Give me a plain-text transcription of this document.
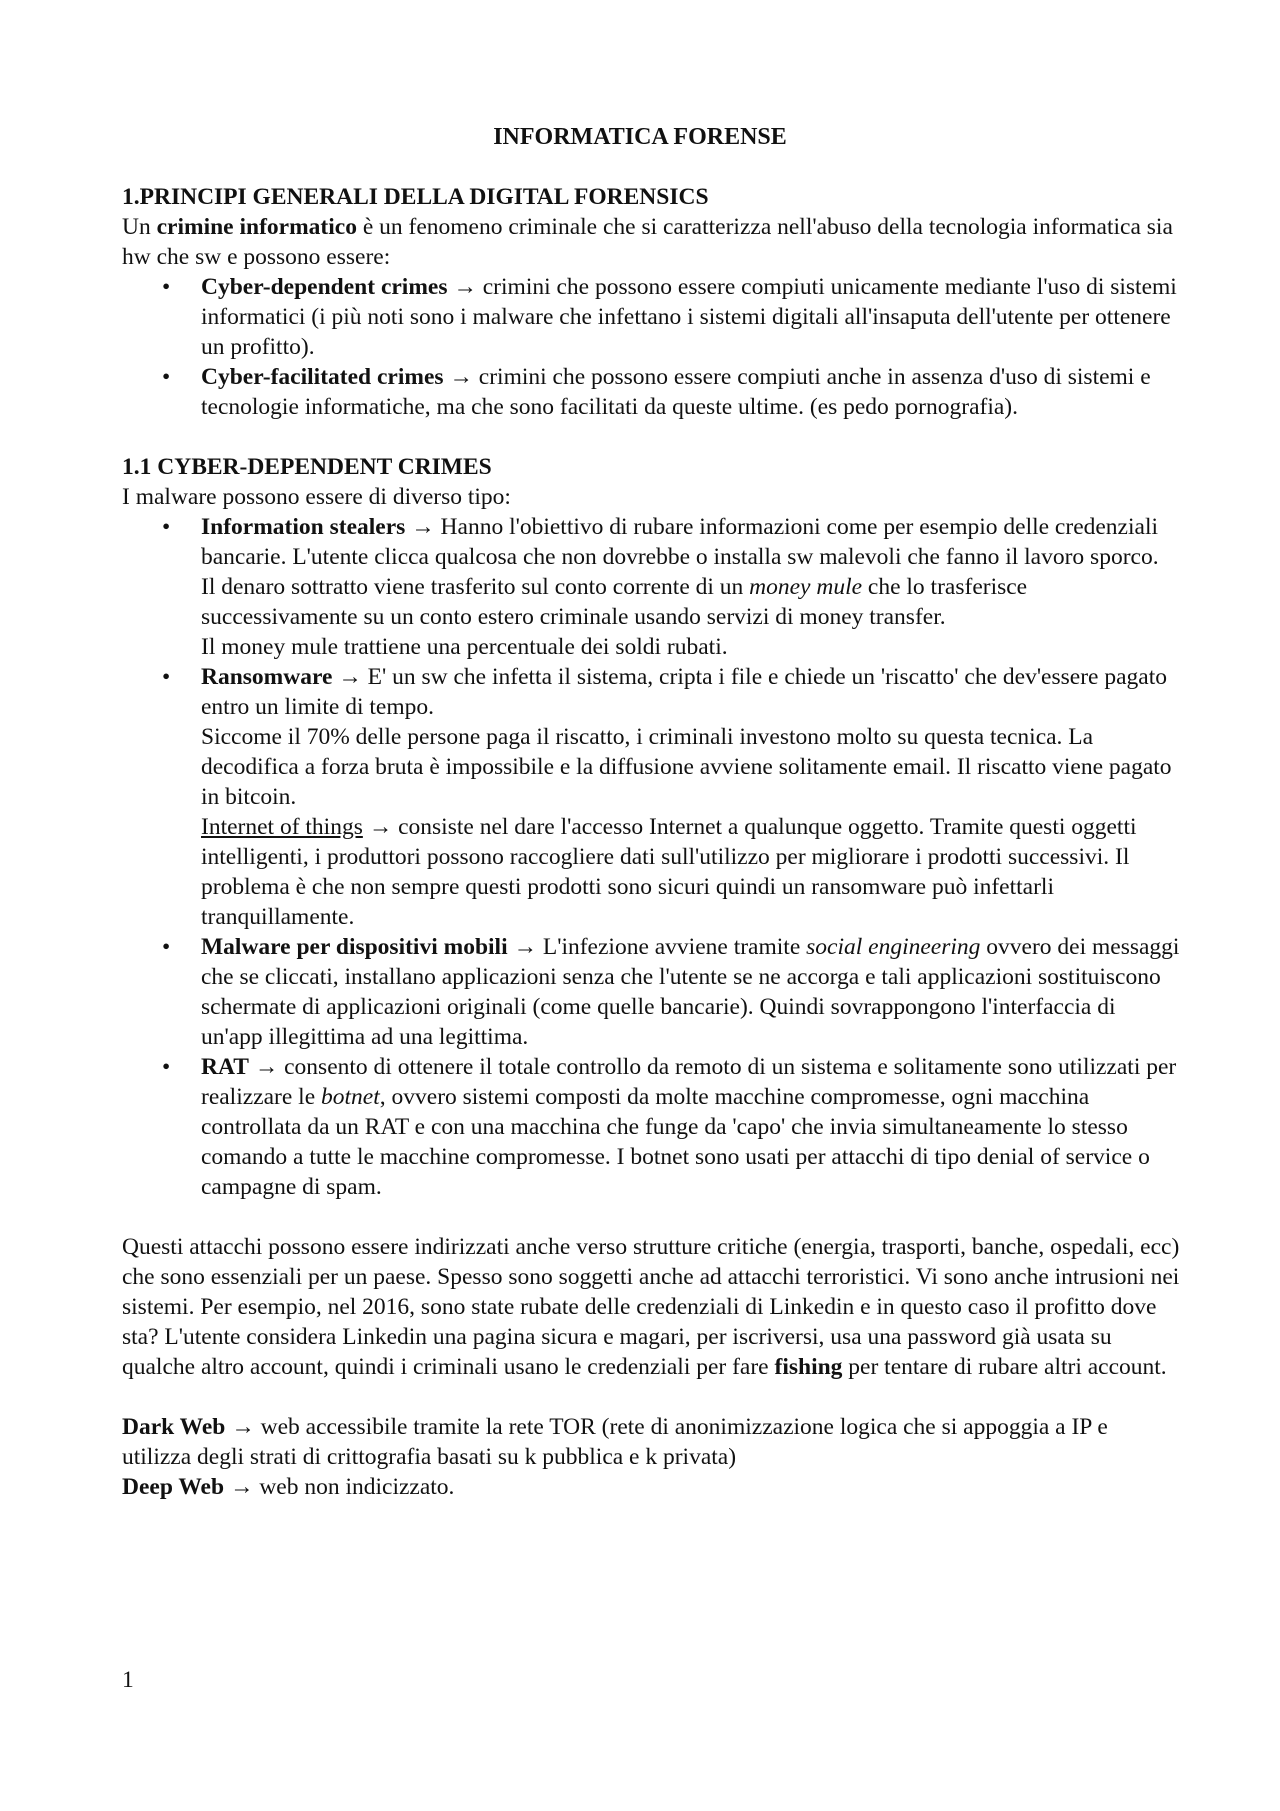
INFORMATICA FORENSE

1.PRINCIPI GENERALI DELLA DIGITAL FORENSICS

Un crimine informatico è un fenomeno criminale che si caratterizza nell'abuso della tecnologia informatica sia hw che sw e possono essere:

•	Cyber-dependent crimes → crimini che possono essere compiuti unicamente mediante l'uso di sistemi informatici (i più noti sono i malware che infettano i sistemi digitali all'insaputa dell'utente per ottenere un profitto).
•	Cyber-facilitated crimes → crimini che possono essere compiuti anche in assenza d'uso di sistemi e tecnologie informatiche, ma che sono facilitati da queste ultime. (es pedo pornografia).

1.1 CYBER-DEPENDENT CRIMES

I malware possono essere di diverso tipo:

•	Information stealers → Hanno l'obiettivo di rubare informazioni come per esempio delle credenziali bancarie. L'utente clicca qualcosa che non dovrebbe o installa sw malevoli che fanno il lavoro sporco.
Il denaro sottratto viene trasferito sul conto corrente di un money mule che lo trasferisce successivamente su un conto estero criminale usando servizi di money transfer.
Il money mule trattiene una percentuale dei soldi rubati.
•	Ransomware → E' un sw che infetta il sistema, cripta i file e chiede un 'riscatto' che dev'essere pagato entro un limite di tempo.
Siccome il 70% delle persone paga il riscatto, i criminali investono molto su questa tecnica. La decodifica a forza bruta è impossibile e la diffusione avviene solitamente email. Il riscatto viene pagato in bitcoin.
Internet of things → consiste nel dare l'accesso Internet a qualunque oggetto. Tramite questi oggetti intelligenti, i produttori possono raccogliere dati sull'utilizzo per migliorare i prodotti successivi. Il problema è che non sempre questi prodotti sono sicuri quindi un ransomware può infettarli tranquillamente.
•	Malware per dispositivi mobili → L'infezione avviene tramite social engineering ovvero dei messaggi che se cliccati, installano applicazioni senza che l'utente se ne accorga e tali applicazioni sostituiscono schermate di applicazioni originali (come quelle bancarie). Quindi sovrappongono l'interfaccia di un'app illegittima ad una legittima.
•	RAT → consento di ottenere il totale controllo da remoto di un sistema e solitamente sono utilizzati per realizzare le botnet, ovvero sistemi composti da molte macchine compromesse, ogni macchina controllata da un RAT e con una macchina che funge da 'capo' che invia simultaneamente lo stesso comando a tutte le macchine compromesse. I botnet sono usati per attacchi di tipo denial of service o campagne di spam.

Questi attacchi possono essere indirizzati anche verso strutture critiche (energia, trasporti, banche, ospedali, ecc) che sono essenziali per un paese. Spesso sono soggetti anche ad attacchi terroristici. Vi sono anche intrusioni nei sistemi. Per esempio, nel 2016, sono state rubate delle credenziali di Linkedin e in questo caso il profitto dove sta? L'utente considera Linkedin una pagina sicura e magari, per iscriversi, usa una password già usata su qualche altro account, quindi i criminali usano le credenziali per fare fishing per tentare di rubare altri account.

Dark Web → web accessibile tramite la rete TOR (rete di anonimizzazione logica che si appoggia a IP e utilizza degli strati di crittografia basati su k pubblica e k privata)

Deep Web → web non indicizzato.

1
